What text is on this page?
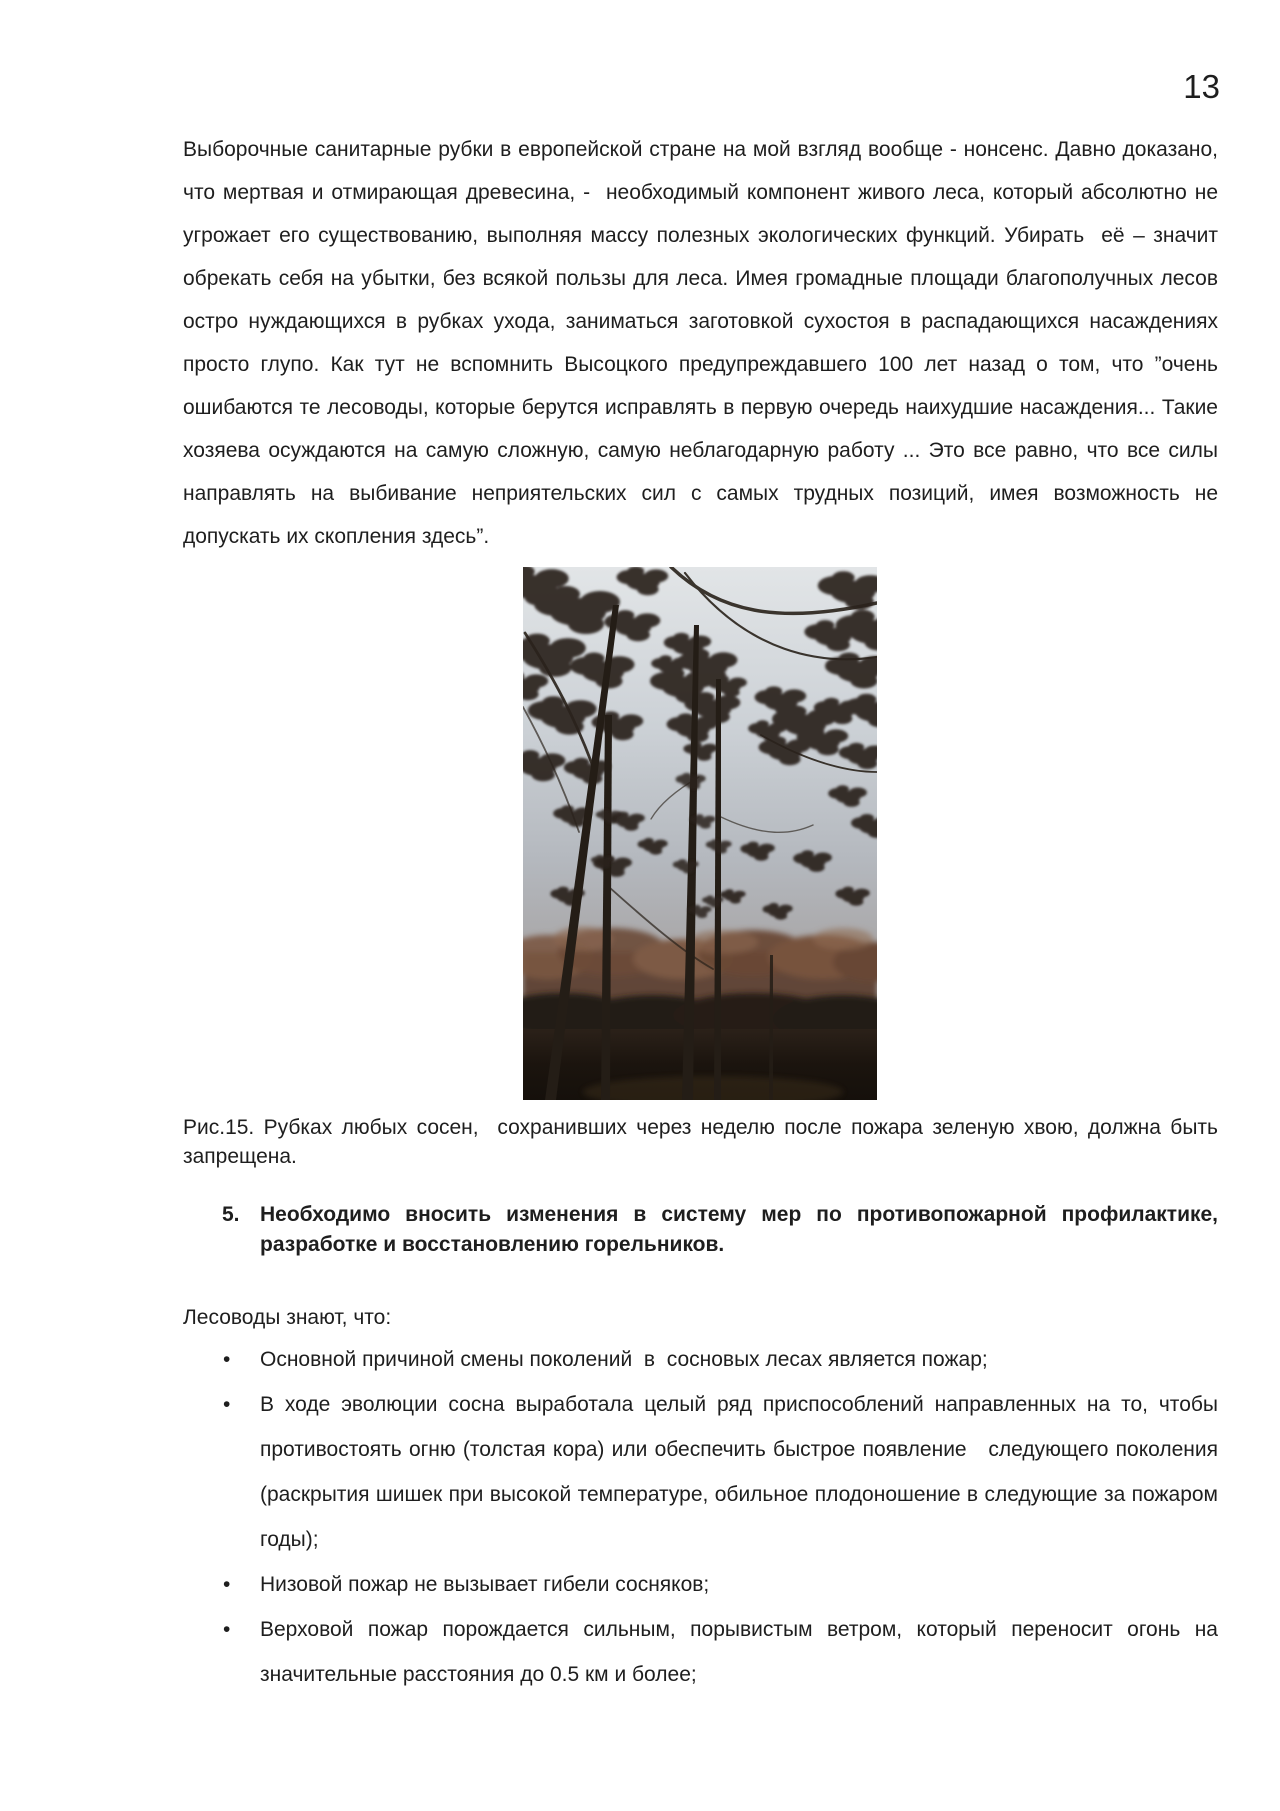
13

Выборочные санитарные рубки в европейской стране на мой взгляд вообще - нонсенс. Давно доказано, что мертвая и отмирающая древесина, -  необходимый компонент живого леса, который абсолютно не угрожает его существованию, выполняя массу полезных экологических функций. Убирать  её – значит обрекать себя на убытки, без всякой пользы для леса. Имея громадные площади благополучных лесов остро нуждающихся в рубках ухода, заниматься заготовкой сухостоя в распадающихся насаждениях просто глупо. Как тут не вспомнить Высоцкого предупреждавшего 100 лет назад о том, что ”очень ошибаются те лесоводы, которые берутся исправлять в первую очередь наихудшие насаждения... Такие хозяева осуждаются на самую сложную, самую неблагодарную работу ... Это все равно, что все силы направлять на выбивание неприятельских сил с самых трудных позиций, имея возможность не допускать их скопления здесь”.

Рис.15. Рубках любых сосен,  сохранивших через неделю после пожара зеленую хвою, должна быть запрещена.

5. Необходимо вносить изменения в систему мер по противопожарной профилактике, разработке и восстановлению горельников.

Лесоводы знают, что:

• Основной причиной смены поколений  в  сосновых лесах является пожар;
• В ходе эволюции сосна выработала целый ряд приспособлений направленных на то, чтобы противостоять огню (толстая кора) или обеспечить быстрое появление   следующего поколения (раскрытия шишек при высокой температуре, обильное плодоношение в следующие за пожаром годы);
• Низовой пожар не вызывает гибели сосняков;
• Верховой пожар порождается сильным, порывистым ветром, который переносит огонь на значительные расстояния до 0.5 км и более;
